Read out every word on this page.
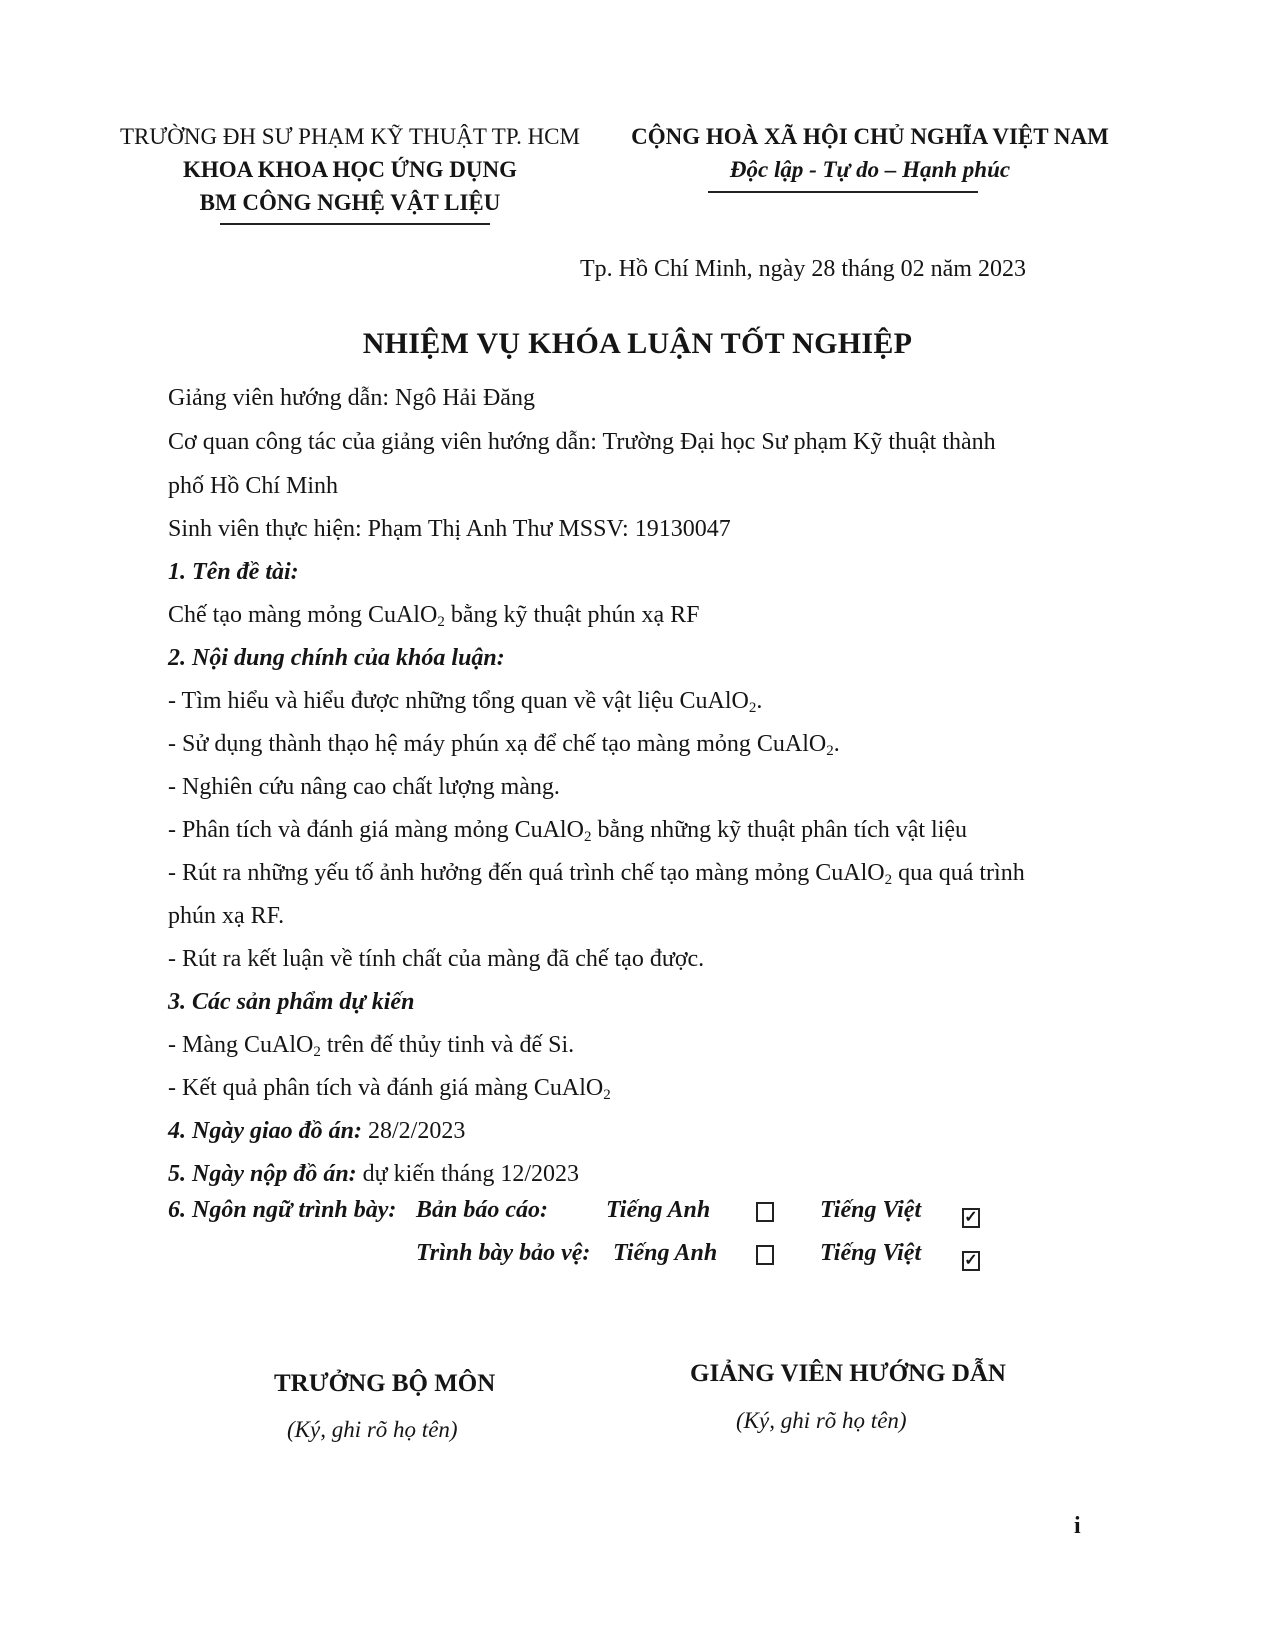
TRƯỜNG ĐH SƯ PHẠM KỸ THUẬT TP. HCM
KHOA KHOA HỌC ỨNG DỤNG
BM CÔNG NGHỆ VẬT LIỆU
CỘNG HOÀ XÃ HỘI CHỦ NGHĨA VIỆT NAM
Độc lập - Tự do – Hạnh phúc
Tp. Hồ Chí Minh, ngày 28 tháng 02 năm 2023
NHIỆM VỤ KHÓA LUẬN TỐT NGHIỆP
Giảng viên hướng dẫn: Ngô Hải Đăng
Cơ quan công tác của giảng viên hướng dẫn: Trường Đại học Sư phạm Kỹ thuật thành
phố Hồ Chí Minh
Sinh viên thực hiện: Phạm Thị Anh Thư MSSV: 19130047
1. Tên đề tài:
Chế tạo màng mỏng CuAlO$_2$ bằng kỹ thuật phún xạ RF
2. Nội dung chính của khóa luận:
- Tìm hiểu và hiểu được những tổng quan về vật liệu CuAlO$_2$.
- Sử dụng thành thạo hệ máy phún xạ để chế tạo màng mỏng CuAlO$_2$.
- Nghiên cứu nâng cao chất lượng màng.
- Phân tích và đánh giá màng mỏng CuAlO$_2$ bằng những kỹ thuật phân tích vật liệu
- Rút ra những yếu tố ảnh hưởng đến quá trình chế tạo màng mỏng CuAlO$_2$ qua quá trình
phún xạ RF.
- Rút ra kết luận về tính chất của màng đã chế tạo được.
3. Các sản phẩm dự kiến
- Màng CuAlO$_2$ trên đế thủy tinh và đế Si.
- Kết quả phân tích và đánh giá màng CuAlO$_2$
4. Ngày giao đồ án: 28/2/2023
5. Ngày nộp đồ án: dự kiến tháng 12/2023
6. Ngôn ngữ trình bày: Bản báo cáo: Tiếng Anh	Tiếng Việt	✓
Trình bày bảo vệ: Tiếng Anh	Tiếng Việt	✓
TRƯỞNG BỘ MÔN
(Ký, ghi rõ họ tên)
GIẢNG VIÊN HƯỚNG DẪN
(Ký, ghi rõ họ tên)
i
